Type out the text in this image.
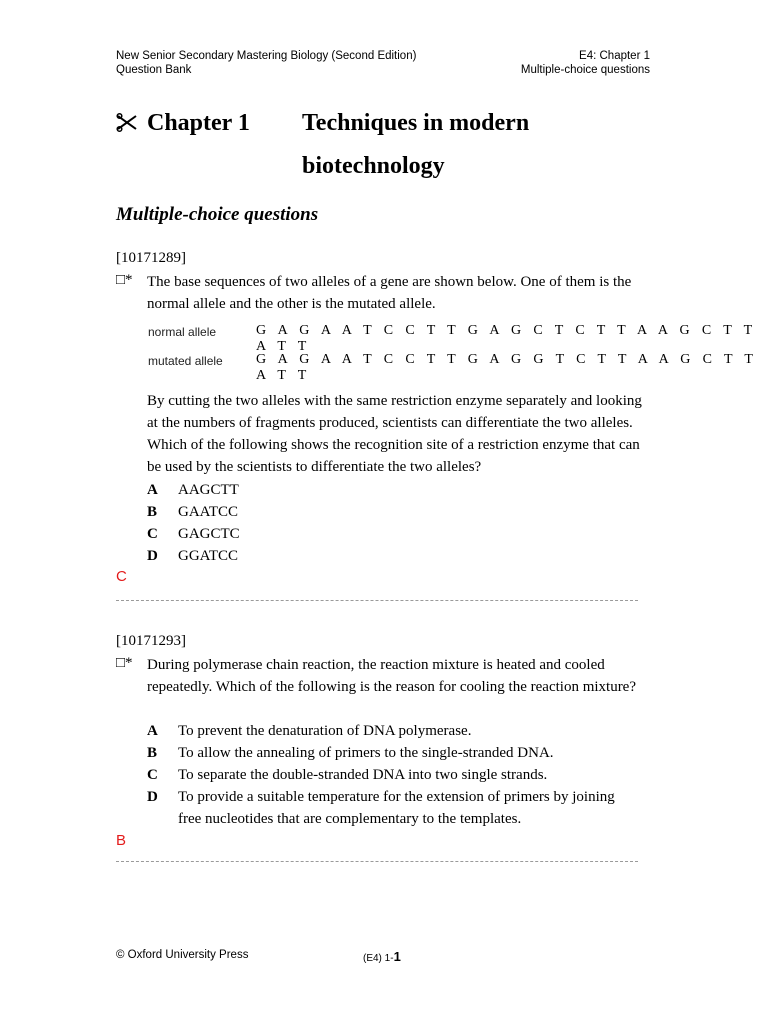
New Senior Secondary Mastering Biology (Second Edition)
Question Bank
E4: Chapter 1
Multiple-choice questions
Chapter 1 Techniques in modern biotechnology
Multiple-choice questions
[10171289]
□* The base sequences of two alleles of a gene are shown below. One of them is the normal allele and the other is the mutated allele.
normal allele	G A G A A T C C T T G A G C T C T T A A G C T T A T T
mutated allele G A G A A T C C T T G A G G T C T T A A G C T T A T T
By cutting the two alleles with the same restriction enzyme separately and looking at the numbers of fragments produced, scientists can differentiate the two alleles. Which of the following shows the recognition site of a restriction enzyme that can be used by the scientists to differentiate the two alleles?
A AAGCTT
B GAATCC
C GAGCTC
D GGATCC
C
[10171293]
□* During polymerase chain reaction, the reaction mixture is heated and cooled repeatedly. Which of the following is the reason for cooling the reaction mixture?
A To prevent the denaturation of DNA polymerase.
B To allow the annealing of primers to the single-stranded DNA.
C To separate the double-stranded DNA into two single strands.
D To provide a suitable temperature for the extension of primers by joining free nucleotides that are complementary to the templates.
B
© Oxford University Press	(E4) 1-1
